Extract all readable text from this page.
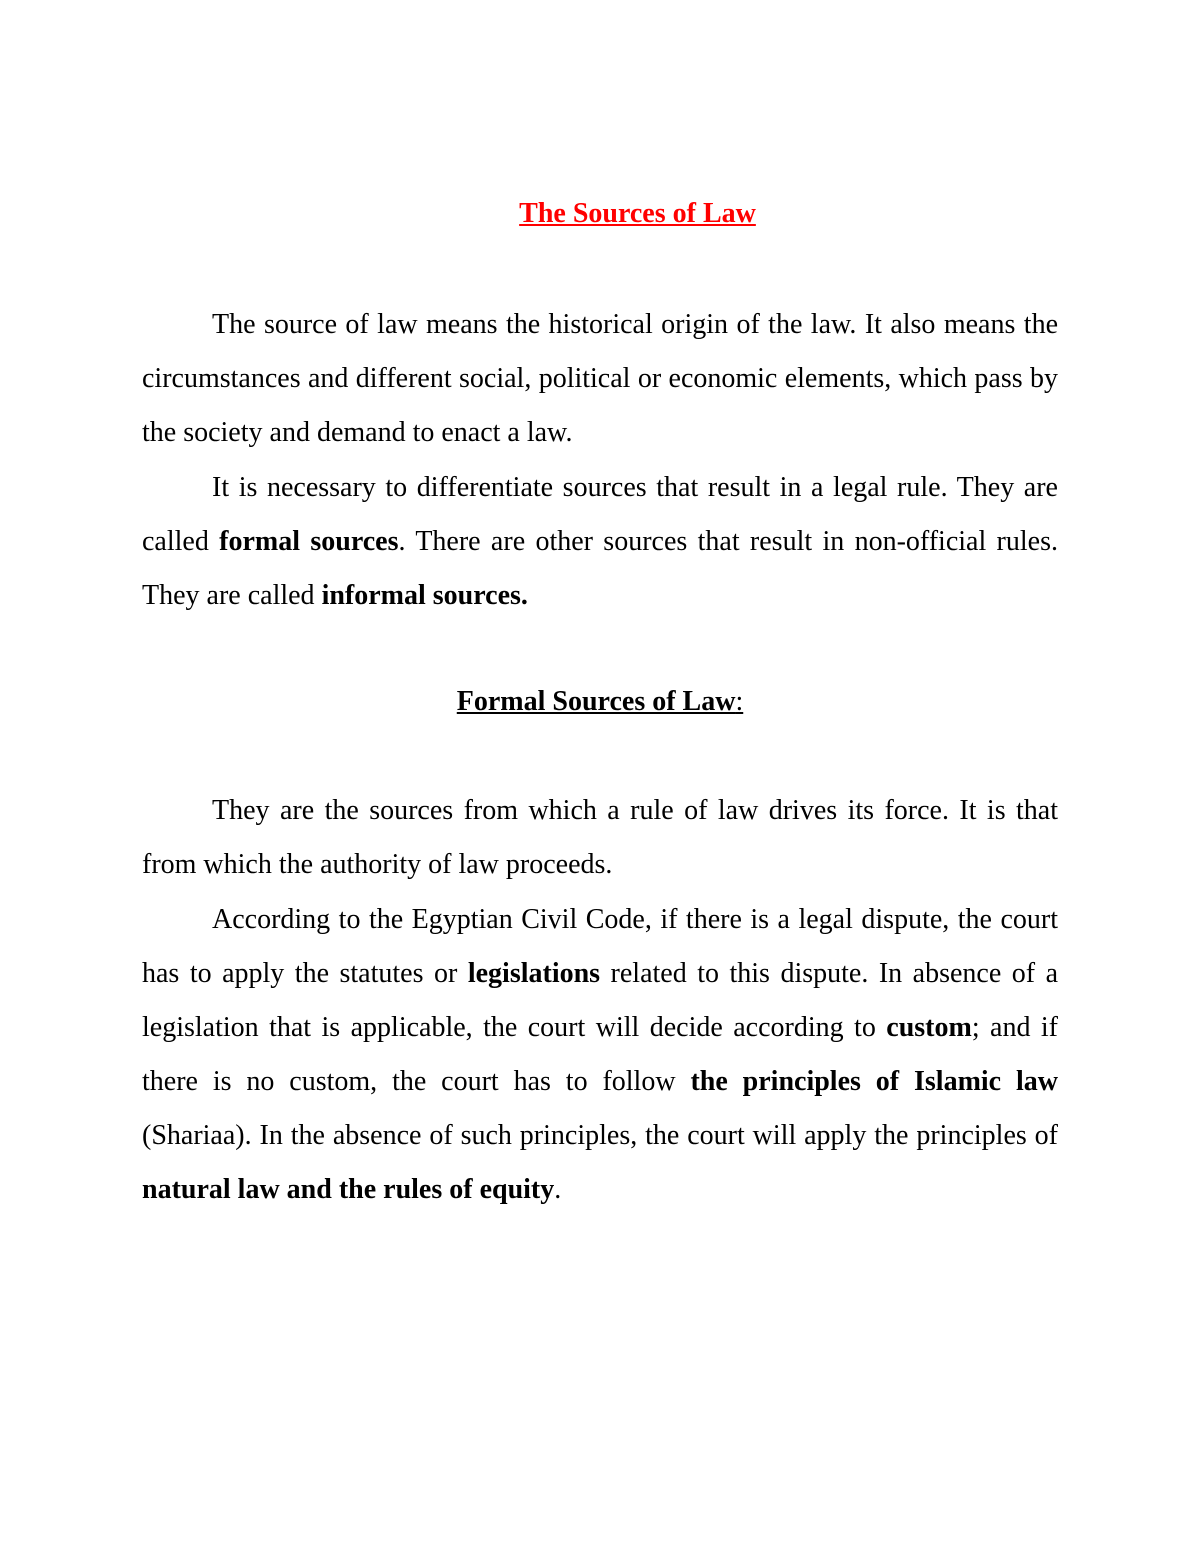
The Sources of Law

The source of law means the historical origin of the law. It also means the circumstances and different social, political or economic elements, which pass by the society and demand to enact a law.

It is necessary to differentiate sources that result in a legal rule. They are called formal sources. There are other sources that result in non-official rules. They are called informal sources.

Formal Sources of Law:

They are the sources from which a rule of law drives its force. It is that from which the authority of law proceeds.

According to the Egyptian Civil Code, if there is a legal dispute, the court has to apply the statutes or legislations related to this dispute. In absence of a legislation that is applicable, the court will decide according to custom; and if there is no custom, the court has to follow the principles of Islamic law (Shariaa). In the absence of such principles, the court will apply the principles of natural law and the rules of equity.
